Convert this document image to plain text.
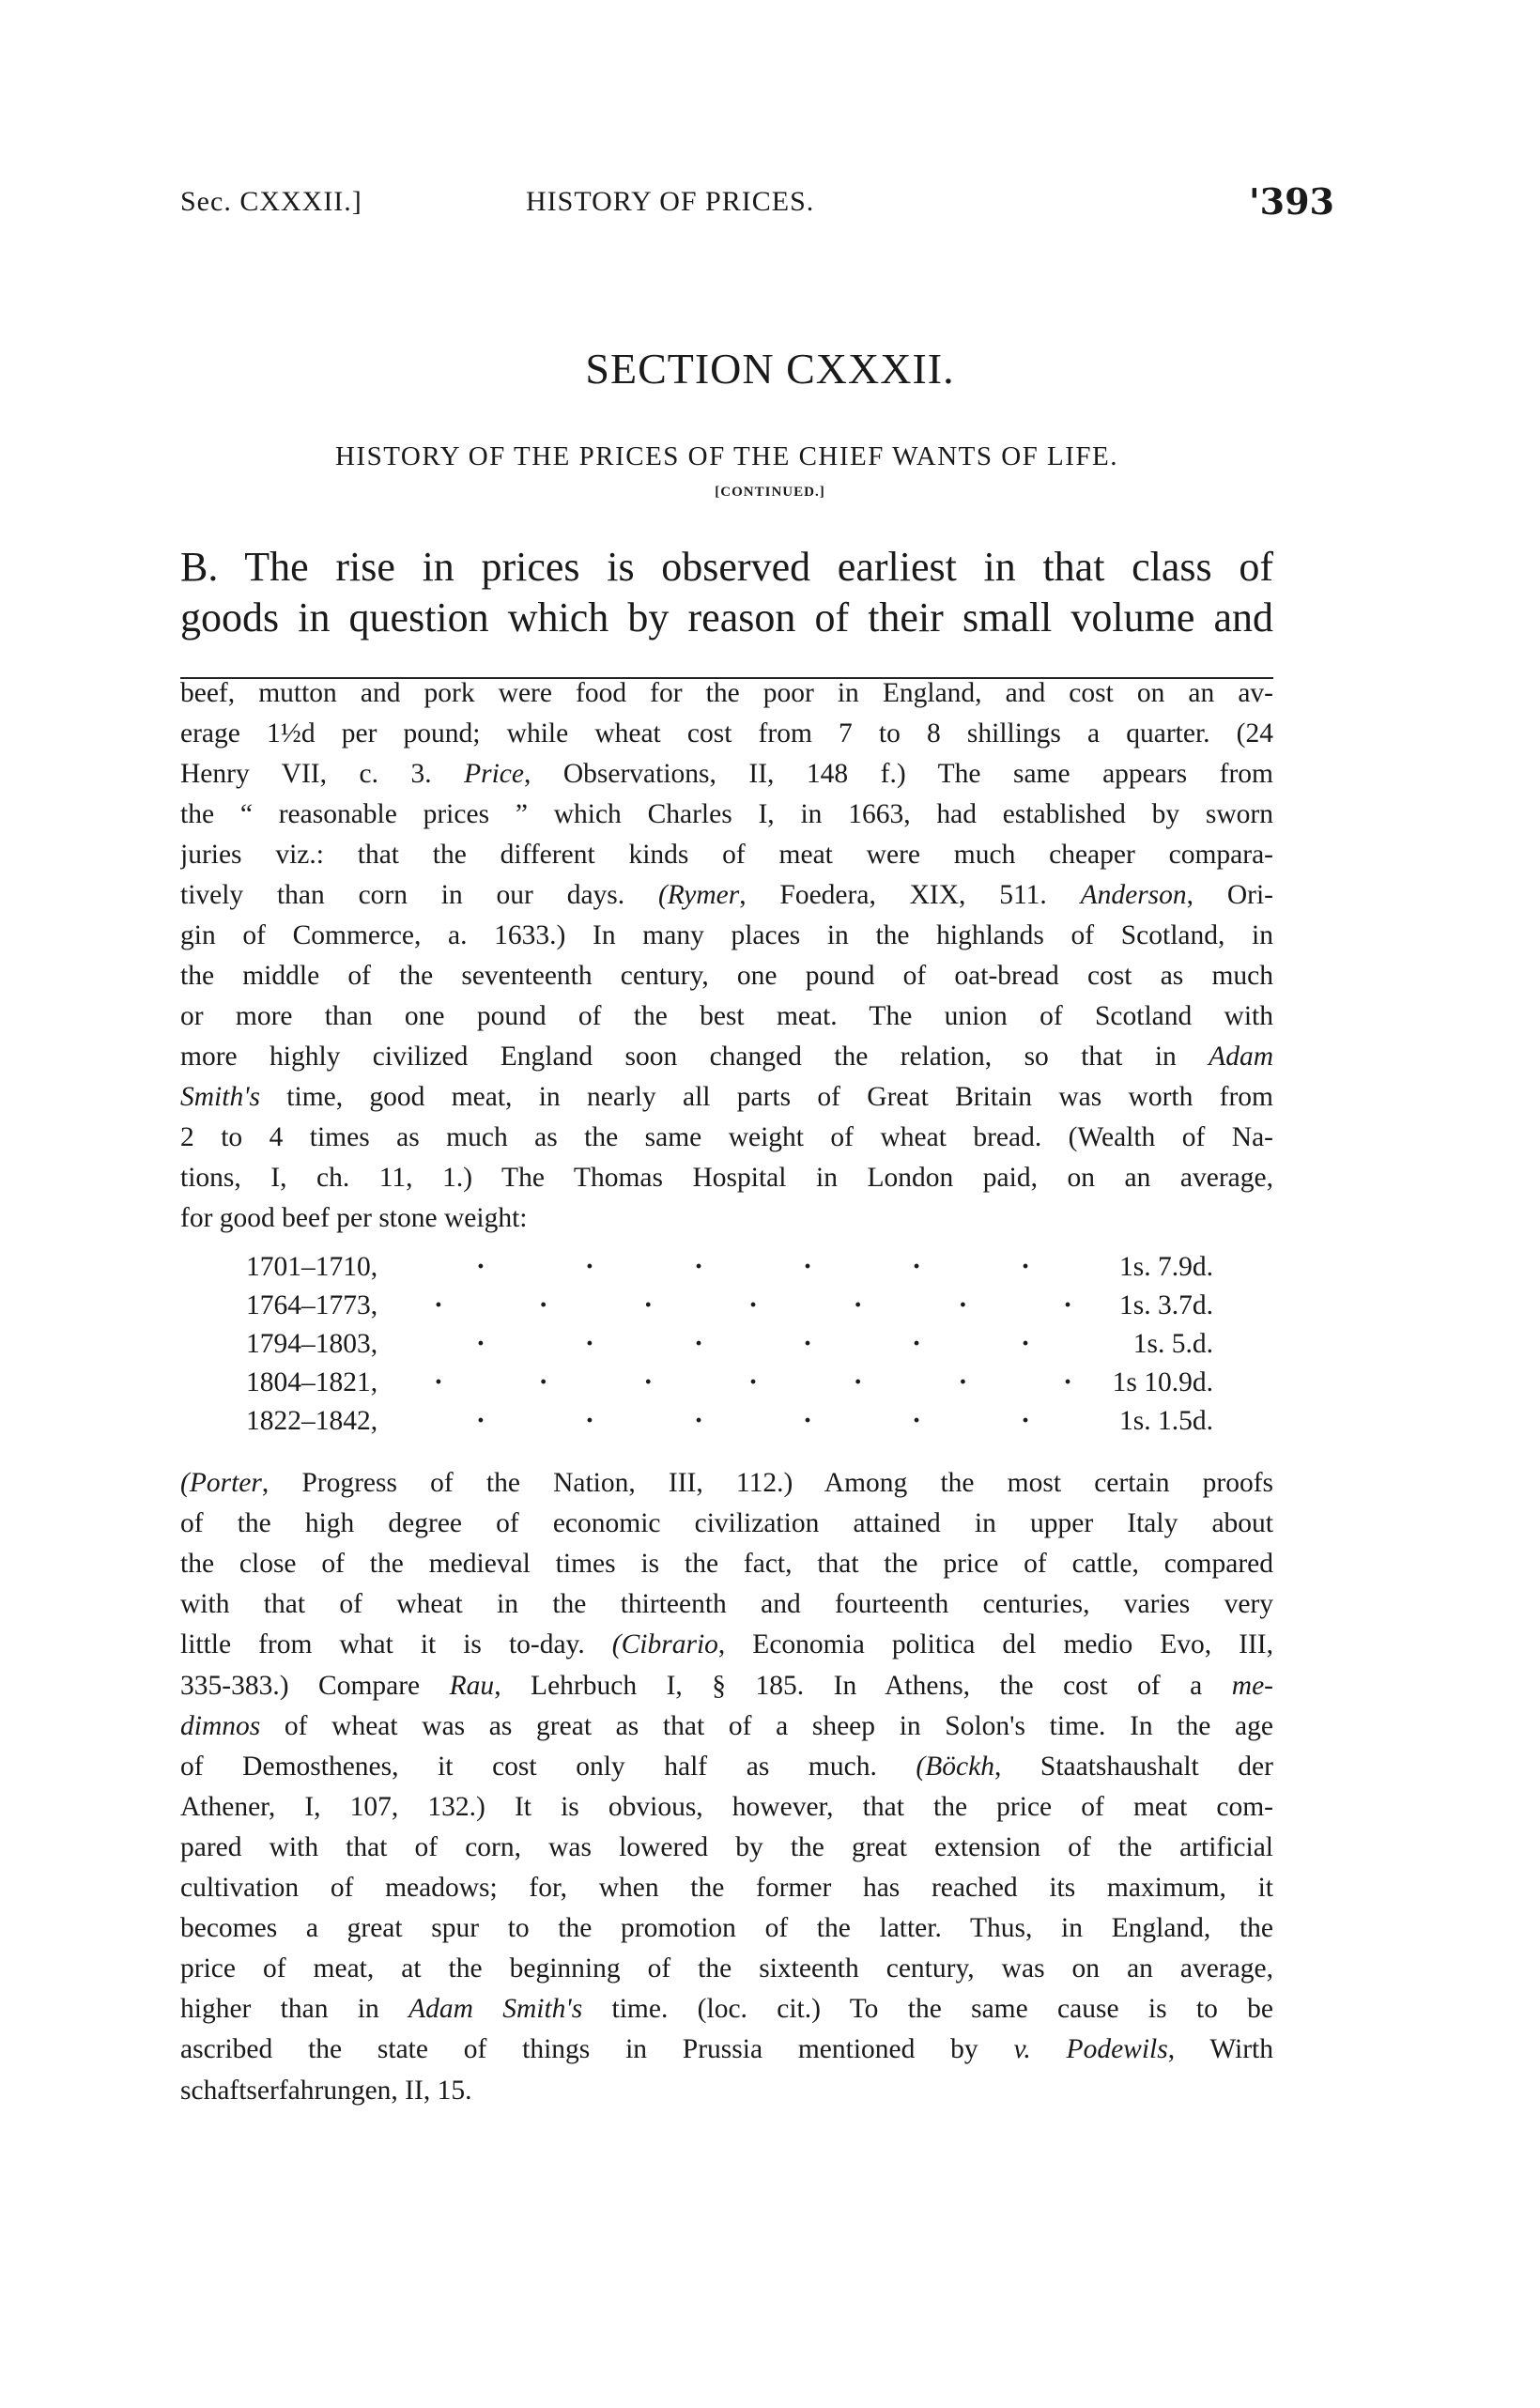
Sec. CXXXII.]	HISTORY OF PRICES.	'393
SECTION CXXXII.
HISTORY OF THE PRICES OF THE CHIEF WANTS OF LIFE.
[CONTINUED.]
B. The rise in prices is observed earliest in that class of
goods in question which by reason of their small volume and
beef, mutton and pork were food for the poor in England, and cost on an av-
erage 1½d per pound; while wheat cost from 7 to 8 shillings a quarter. (24
Henry VII, c. 3. Price, Observations, II, 148 f.) The same appears from
the “ reasonable prices ” which Charles I, in 1663, had established by sworn
juries viz.: that the different kinds of meat were much cheaper compara-
tively than corn in our days. (Rymer, Foedera, XIX, 511. Anderson, Ori-
gin of Commerce, a. 1633.) In many places in the highlands of Scotland, in
the middle of the seventeenth century, one pound of oat-bread cost as much
or more than one pound of the best meat. The union of Scotland with
more highly civilized England soon changed the relation, so that in Adam
Smith's time, good meat, in nearly all parts of Great Britain was worth from
2 to 4 times as much as the same weight of wheat bread. (Wealth of Na-
tions, I, ch. 11, 1.) The Thomas Hospital in London paid, on an average,
for good beef per stone weight:
1701–1710,	·	·	·	·	·	·	1s. 7.9d.
1764–1773, ·	·	·	·	·	·	· 1s. 3.7d.
1794–1803,	·	·	·	·	·	·	1s. 5.d.
1804–1821, ·	·	·	·	·	·	· 1s 10.9d.
1822–1842,	·	·	·	·	·	·	1s. 1.5d.
(Porter, Progress of the Nation, III, 112.) Among the most certain proofs
of the high degree of economic civilization attained in upper Italy about
the close of the medieval times is the fact, that the price of cattle, compared
with that of wheat in the thirteenth and fourteenth centuries, varies very
little from what it is to-day. (Cibrario, Economia politica del medio Evo, III,
335-383.) Compare Rau, Lehrbuch I, § 185. In Athens, the cost of a me-
dimnos of wheat was as great as that of a sheep in Solon's time. In the age
of Demosthenes, it cost only half as much. (Böckh, Staatshaushalt der
Athener, I, 107, 132.) It is obvious, however, that the price of meat com-
pared with that of corn, was lowered by the great extension of the artificial
cultivation of meadows; for, when the former has reached its maximum, it
becomes a great spur to the promotion of the latter. Thus, in England, the
price of meat, at the beginning of the sixteenth century, was on an average,
higher than in Adam Smith's time. (loc. cit.) To the same cause is to be
ascribed the state of things in Prussia mentioned by v. Podewils, Wirth
schaftserfahrungen, II, 15.
